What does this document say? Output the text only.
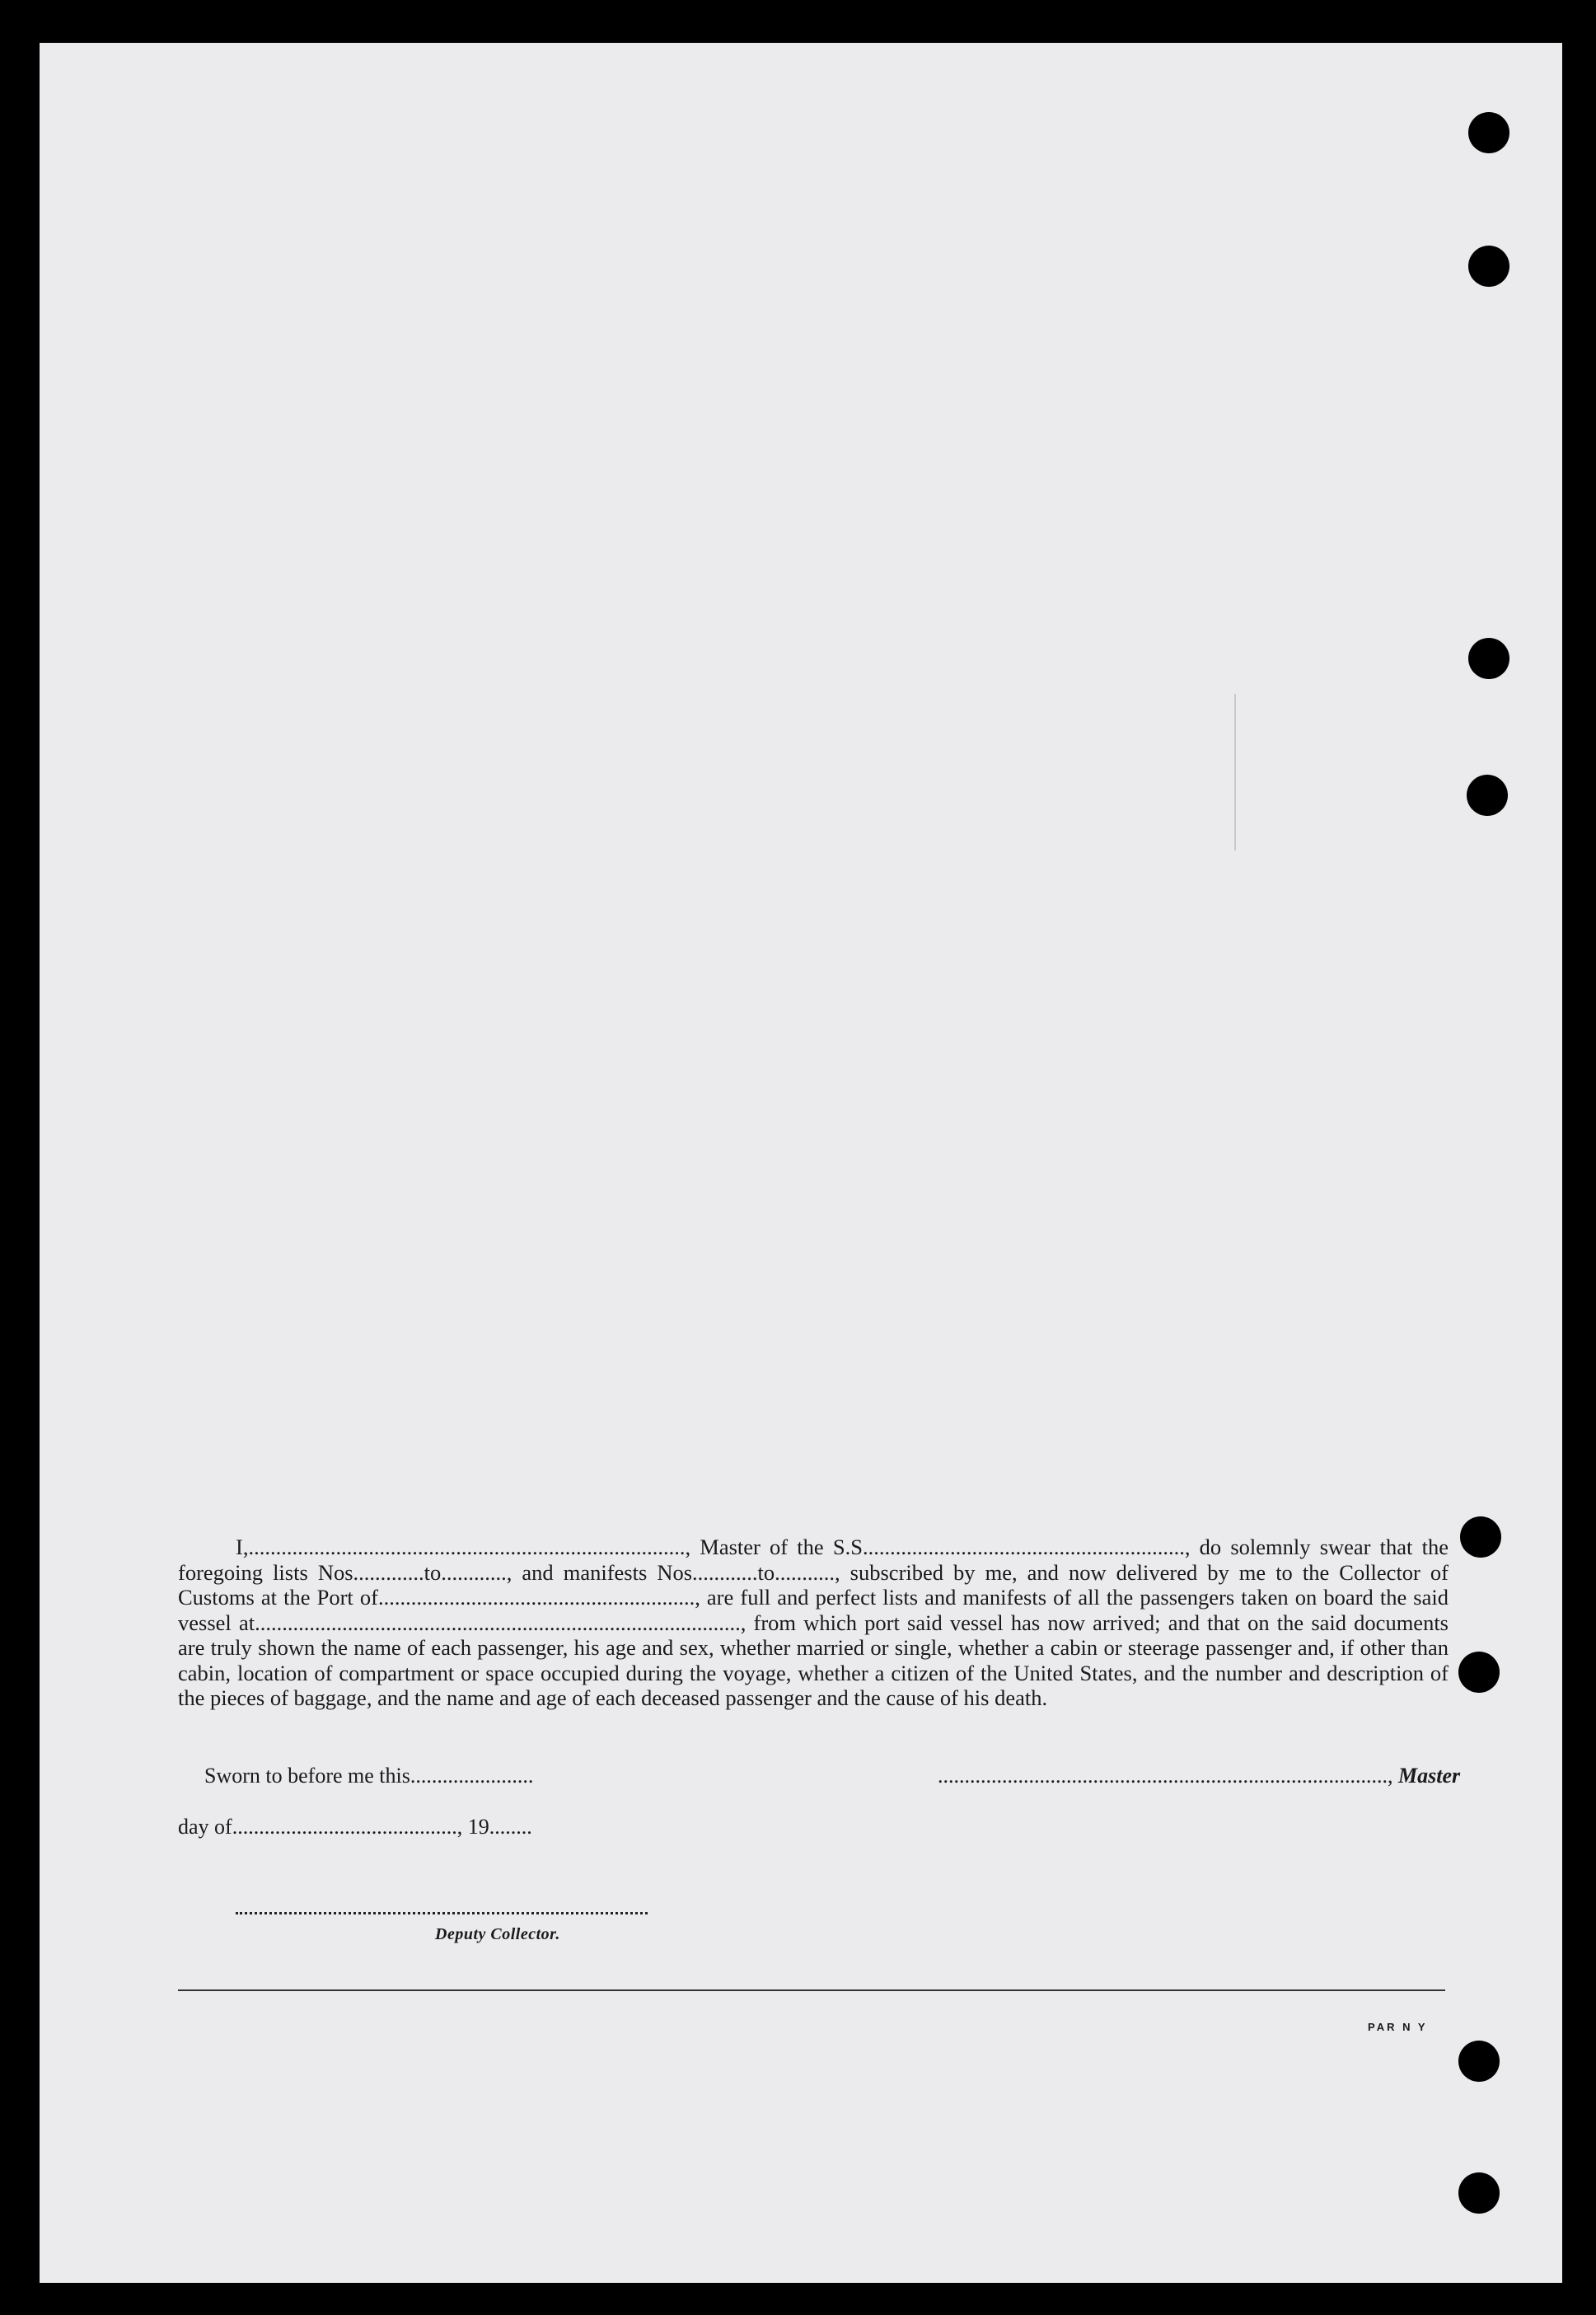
I,................................................................................, Master of the S.S..........................................................., do solemnly swear that the foregoing lists Nos.............to............, and manifests Nos............to..........., subscribed by me, and now delivered by me to the Collector of Customs at the Port of.........................................................., are full and perfect lists and manifests of all the passengers taken on board the said vessel at........................................................................................., from which port said vessel has now arrived; and that on the said documents are truly shown the name of each passenger, his age and sex, whether married or single, whether a cabin or steerage passenger and, if other than cabin, location of compartment or space occupied during the voyage, whether a citizen of the United States, and the number and description of the pieces of baggage, and the name and age of each deceased passenger and the cause of his death.

Sworn to before me this.......................	...................................................................................., Master
day of.........................................., 19........
Deputy Collector.
PAR N Y
